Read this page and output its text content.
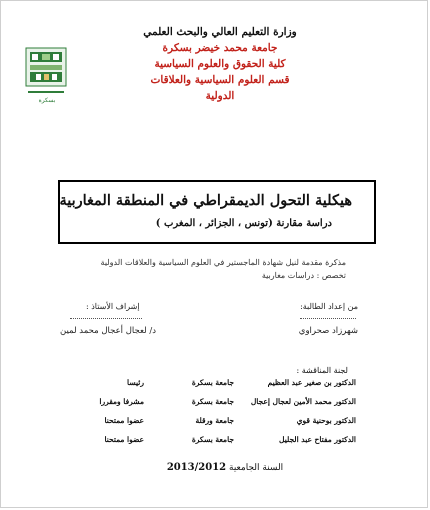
وزارة التعليم العالي والبحث العلمي
جامعة محمد خيضر بسكرة
كلية الحقوق والعلوم السياسية
قسم العلوم السياسية والعلاقات الدولية
بسكرة
هيكلية التحول الديمقراطي في المنطقة المغاربية
دراسة مقارنة (تونس ، الجزائر ، المغرب )
مذكرة مقدمة لنيل شهادة الماجستير في العلوم السياسية والعلاقات الدولية
تخصص : دراسات مغاربية
من إعداد الطالبة:
شهرزاد صحراوي
إشراف الأستاذ :
د/ لعجال أعجال محمد لمين
لجنة المناقشة :
الدكتور بن صغير عبد العظيم
جامعة بسكرة
رئيسا
الدكتور محمد الأمين لعجال إعجال
جامعة بسكرة
مشرفا ومقررا
الدكتور بوحنية قوي
جامعة ورقلة
عضوا ممتحنا
الدكتور مفتاح عبد الجليل
جامعة بسكرة
عضوا ممتحنا
السنة الجامعية 2013/2012
